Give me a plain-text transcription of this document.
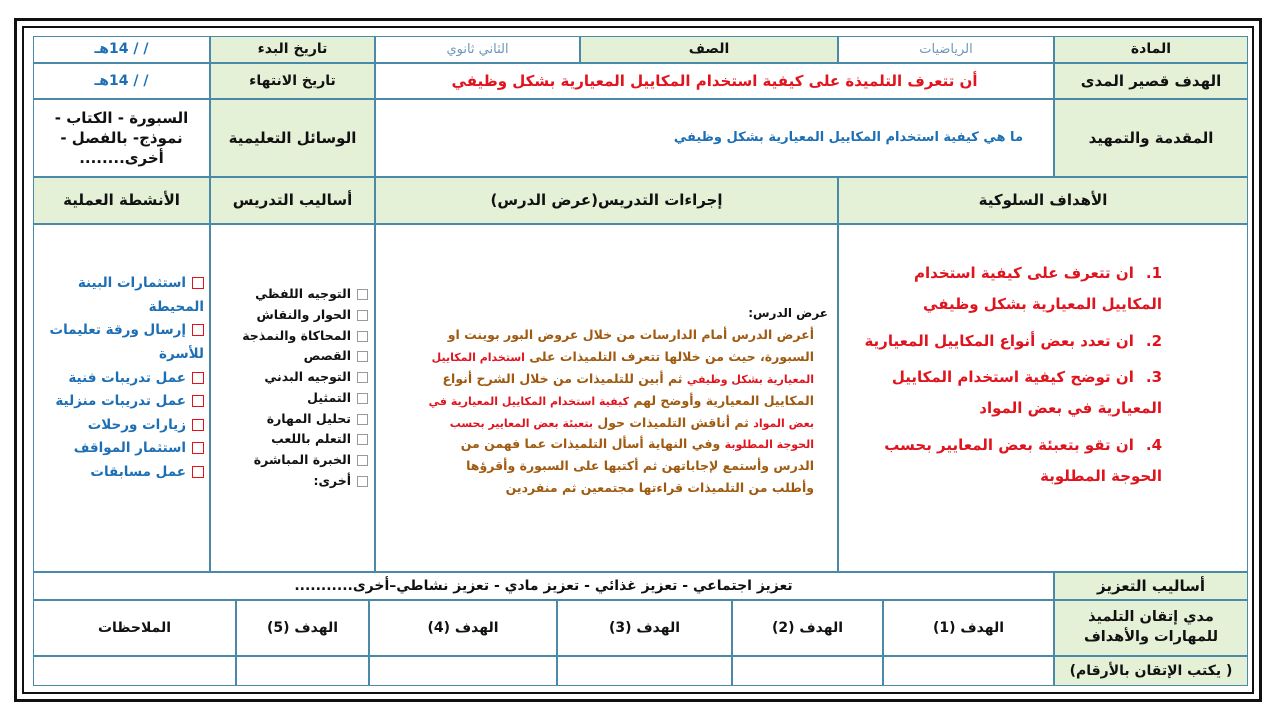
المادة
الرياضيات
الصف
الثاني ثانوي
تاريخ البدء
/ / 14هـ
الهدف قصير المدى
أن تتعرف التلميذة على كيفية استخدام المكاييل المعيارية بشكل وظيفي
تاريخ الانتهاء
/ / 14هـ
المقدمة والتمهيد
ما هي كيفية استخدام المكاييل المعيارية بشكل وظيفي
الوسائل التعليمية
السبورة - الكتاب - نموذج- بالفصل - أخرى........
الأهداف السلوكية
إجراءات التدريس(عرض الدرس)
أساليب التدريس
الأنشطة العملية
1.ان تتعرف على كيفية استخدام المكاييل المعيارية بشكل وظيفي
2.ان تعدد بعض أنواع المكاييل المعيارية
3.ان توضح كيفية استخدام المكاييل المعيارية في بعض المواد
4.ان تقو بتعبئة بعض المعايير بحسب الحوجة المطلوبة
عرض الدرس:
أعرض الدرس أمام الدارسات من خلال عروض البور بوينت او السبورة، حيث من خلالها تتعرف التلميذات على استخدام المكاييل المعيارية بشكل وظيفي ثم أبين للتلميذات من خلال الشرح أنواع المكاييل المعيارية وأوضح لهم كيفية استخدام المكاييل المعيارية في بعض المواد ثم أناقش التلميذات حول بتعبئة بعض المعايير بحسب الحوجة المطلوبة وفي النهاية أسأل التلميذات عما فهمن من الدرس وأستمع لإجاباتهن ثم أكتبها على السبورة وأقرؤها وأطلب من التلميذات قراءتها مجتمعين ثم منفردين
التوجيه اللفظي
الحوار والنقاش
المحاكاة والنمذجة
القصص
التوجيه البدني
التمثيل
تحليل المهارة
التعلم باللعب
الخبرة المباشرة
أخرى:
استثمارات البينة المحيطة
إرسال ورقة تعليمات للأسرة
عمل تدريبات فنية
عمل تدريبات منزلية
زيارات ورحلات
استثمار المواقف
عمل مسابقات
أساليب التعزيز
تعزيز اجتماعي - تعزيز غذائي - تعزيز مادي - تعزيز نشاطي–أخرى...........
مدي إتقان التلميذ للمهارات والأهداف
الهدف (1)
الهدف (2)
الهدف (3)
الهدف (4)
الهدف (5)
الملاحظات
( يكتب الإتقان بالأرقام)
